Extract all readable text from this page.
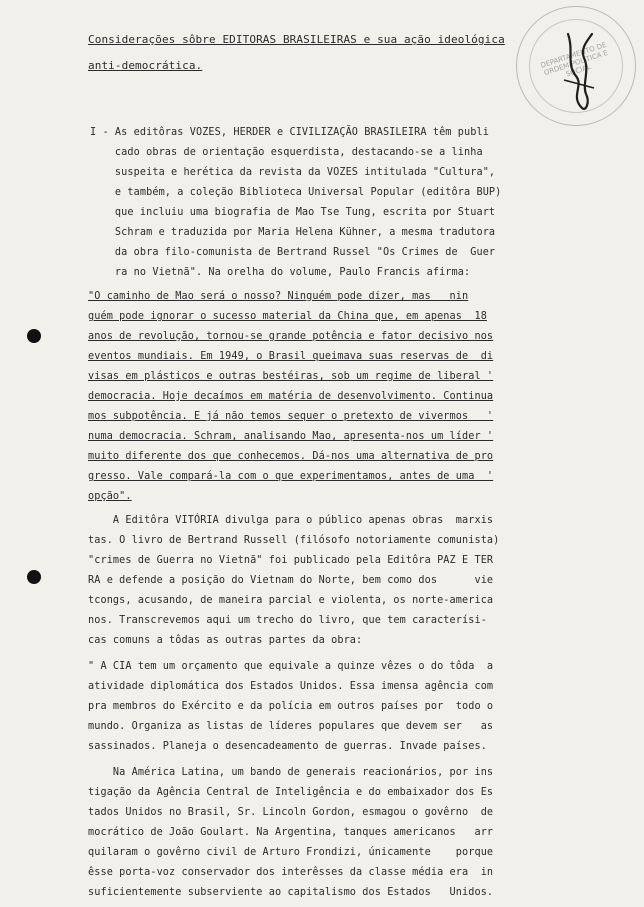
DEPARTAMENTO DE ORDEM POLÍTICA E SOCIAL
Considerações sôbre EDITORAS BRASILEIRAS e sua ação ideológica
anti-democrática.
I - As editôras VOZES, HERDER e CIVILIZAÇÃO BRASILEIRA têm publi
cado obras de orientação esquerdista, destacando-se a linha
suspeita e herética da revista da VOZES intitulada "Cultura",
e também, a coleção Biblioteca Universal Popular (editôra BUP)
que incluiu uma biografia de Mao Tse Tung, escrita por Stuart
Schram e traduzida por Maria Helena Kühner, a mesma tradutora
da obra filo-comunista de Bertrand Russel "Os Crimes de  Guer
ra no Vietnã". Na orelha do volume, Paulo Francis afirma:
"O caminho de Mao será o nosso? Ninguém pode dizer, mas   nin
guém pode ignorar o sucesso material da China que, em apenas  18
anos de revolução, tornou-se grande potência e fator decisivo nos
eventos mundiais. Em 1949, o Brasil queimava suas reservas de  di
visas em plásticos e outras bestéiras, sob um regime de liberal '
democracia. Hoje decaímos em matéria de desenvolvimento. Continua
mos subpotência. E já não temos sequer o pretexto de vivermos   '
numa democracia. Schram, analisando Mao, apresenta-nos um líder '
muito diferente dos que conhecemos. Dá-nos uma alternativa de pro
gresso. Vale compará-la com o que experimentamos, antes de uma  '
opção".
A Editôra VITÓRIA divulga para o público apenas obras  marxis
tas. O livro de Bertrand Russell (filósofo notoriamente comunista)
"crimes de Guerra no Vietnã" foi publicado pela Editôra PAZ E TER
RA e defende a posição do Vietnam do Norte, bem como dos      vie
tcongs, acusando, de maneira parcial e violenta, os norte-america
nos. Transcrevemos aqui um trecho do livro, que tem caracterísi-
cas comuns a tôdas as outras partes da obra:
" A CIA tem um orçamento que equivale a quinze vêzes o do tôda  a
atividade diplomática dos Estados Unidos. Essa imensa agência com
pra membros do Exército e da polícia em outros países por  todo o
mundo. Organiza as listas de líderes populares que devem ser   as
sassinados. Planeja o desencadeamento de guerras. Invade países.
Na América Latina, um bando de generais reacionários, por ins
tigação da Agência Central de Inteligência e do embaixador dos Es
tados Unidos no Brasil, Sr. Lincoln Gordon, esmagou o govêrno  de
mocrático de João Goulart. Na Argentina, tanques americanos   arr
quilaram o govêrno civil de Arturo Frondizi, únicamente    porque
êsse porta-voz conservador dos interêsses da classe média era  in
suficientemente subserviente ao capitalismo dos Estados   Unidos.
